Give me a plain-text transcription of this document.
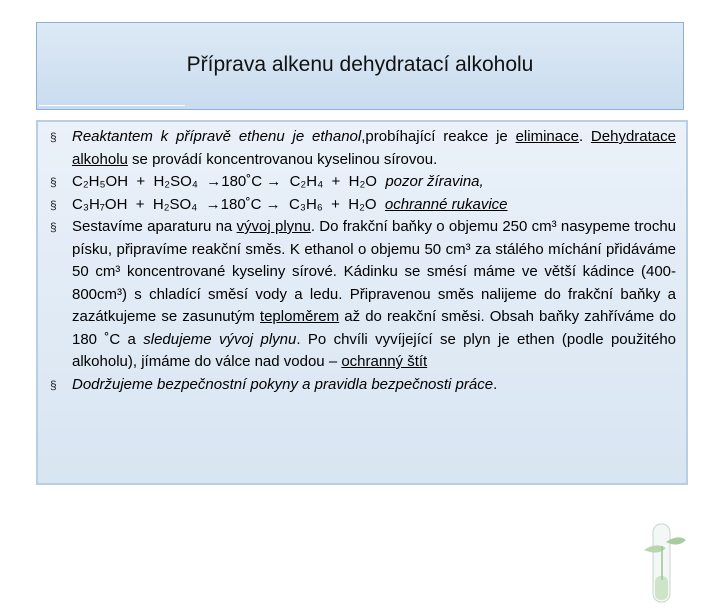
Příprava alkenu dehydratací alkoholu
§ Reaktantem k přípravě ethenu je ethanol,probíhající reakce je eliminace. Dehydratace alkoholu se provádí koncentrovanou kyselinou sírovou.
§ C₂H₅OH  +  H₂SO₄  →180˚C →  C₂H₄  +  H₂O pozor žíravina,
§ C₃H₇OH  +  H₂SO₄  →180˚C →  C₃H₆  +  H₂O ochranné rukavice
§ Sestavíme aparaturu na vývoj plynu. Do frakční baňky o objemu 250 cm³ nasypeme trochu písku, připravíme reakční směs. K ethanol o objemu 50 cm³ za stálého míchání přidáváme 50 cm³ koncentrované kyseliny sírové. Kádinku se smésí máme ve větší kádince (400-800cm³) s chladící směsí vody a ledu. Připravenou směs nalijeme do frakční baňky a zazátkujeme se zasunutým teploměrem až do reakční směsi. Obsah baňky zahříváme do 180 ˚C a sledujeme vývoj plynu. Po chvíli vyvíjející se plyn je ethen (podle použitého alkoholu), jímáme do válce nad vodou – ochranný štít
§ Dodržujeme bezpečnostní pokyny a pravidla bezpečnosti práce.
